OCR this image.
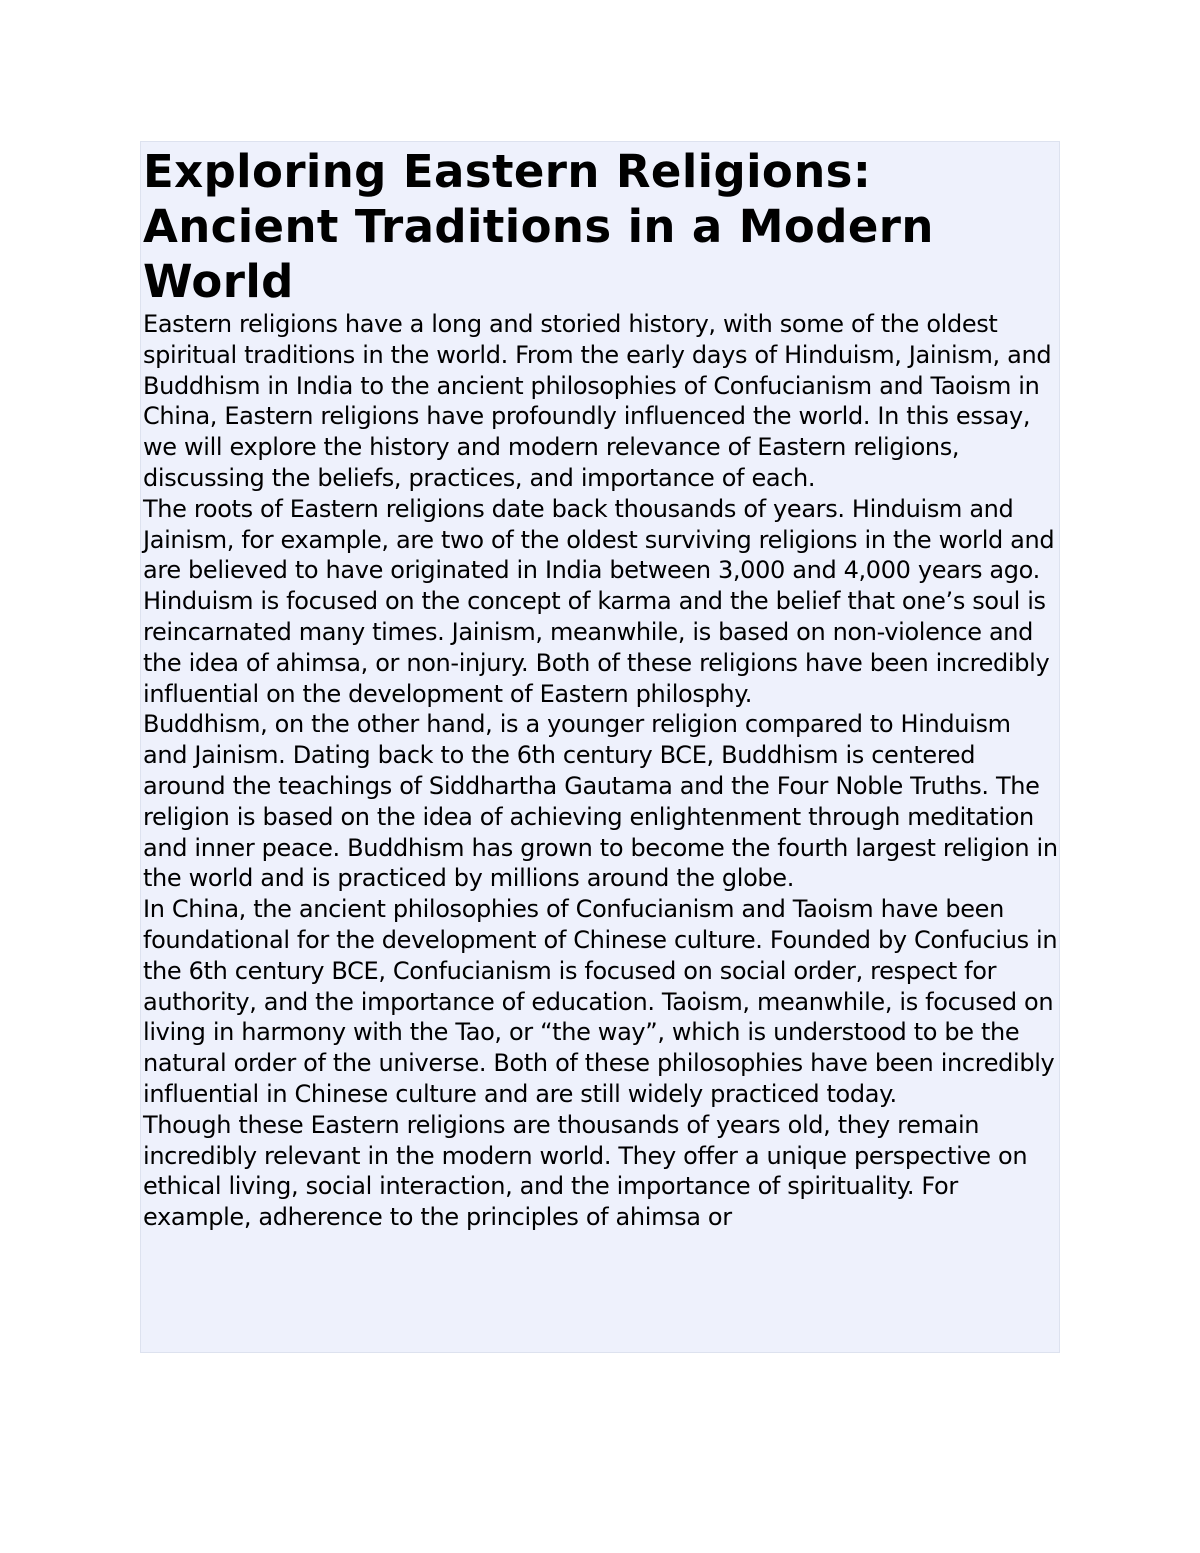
Exploring Eastern Religions: Ancient Traditions in a Modern World

Eastern religions have a long and storied history, with some of the oldest spiritual traditions in the world. From the early days of Hinduism, Jainism, and Buddhism in India to the ancient philosophies of Confucianism and Taoism in China, Eastern religions have profoundly influenced the world. In this essay, we will explore the history and modern relevance of Eastern religions, discussing the beliefs, practices, and importance of each.

The roots of Eastern religions date back thousands of years. Hinduism and Jainism, for example, are two of the oldest surviving religions in the world and are believed to have originated in India between 3,000 and 4,000 years ago. Hinduism is focused on the concept of karma and the belief that one’s soul is reincarnated many times. Jainism, meanwhile, is based on non-violence and the idea of ahimsa, or non-injury. Both of these religions have been incredibly influential on the development of Eastern philosphy.

Buddhism, on the other hand, is a younger religion compared to Hinduism and Jainism. Dating back to the 6th century BCE, Buddhism is centered around the teachings of Siddhartha Gautama and the Four Noble Truths. The religion is based on the idea of achieving enlightenment through meditation and inner peace. Buddhism has grown to become the fourth largest religion in the world and is practiced by millions around the globe.

In China, the ancient philosophies of Confucianism and Taoism have been foundational for the development of Chinese culture. Founded by Confucius in the 6th century BCE, Confucianism is focused on social order, respect for authority, and the importance of education. Taoism, meanwhile, is focused on living in harmony with the Tao, or “the way”, which is understood to be the natural order of the universe. Both of these philosophies have been incredibly influential in Chinese culture and are still widely practiced today.

Though these Eastern religions are thousands of years old, they remain incredibly relevant in the modern world. They offer a unique perspective on ethical living, social interaction, and the importance of spirituality. For example, adherence to the principles of ahimsa or
